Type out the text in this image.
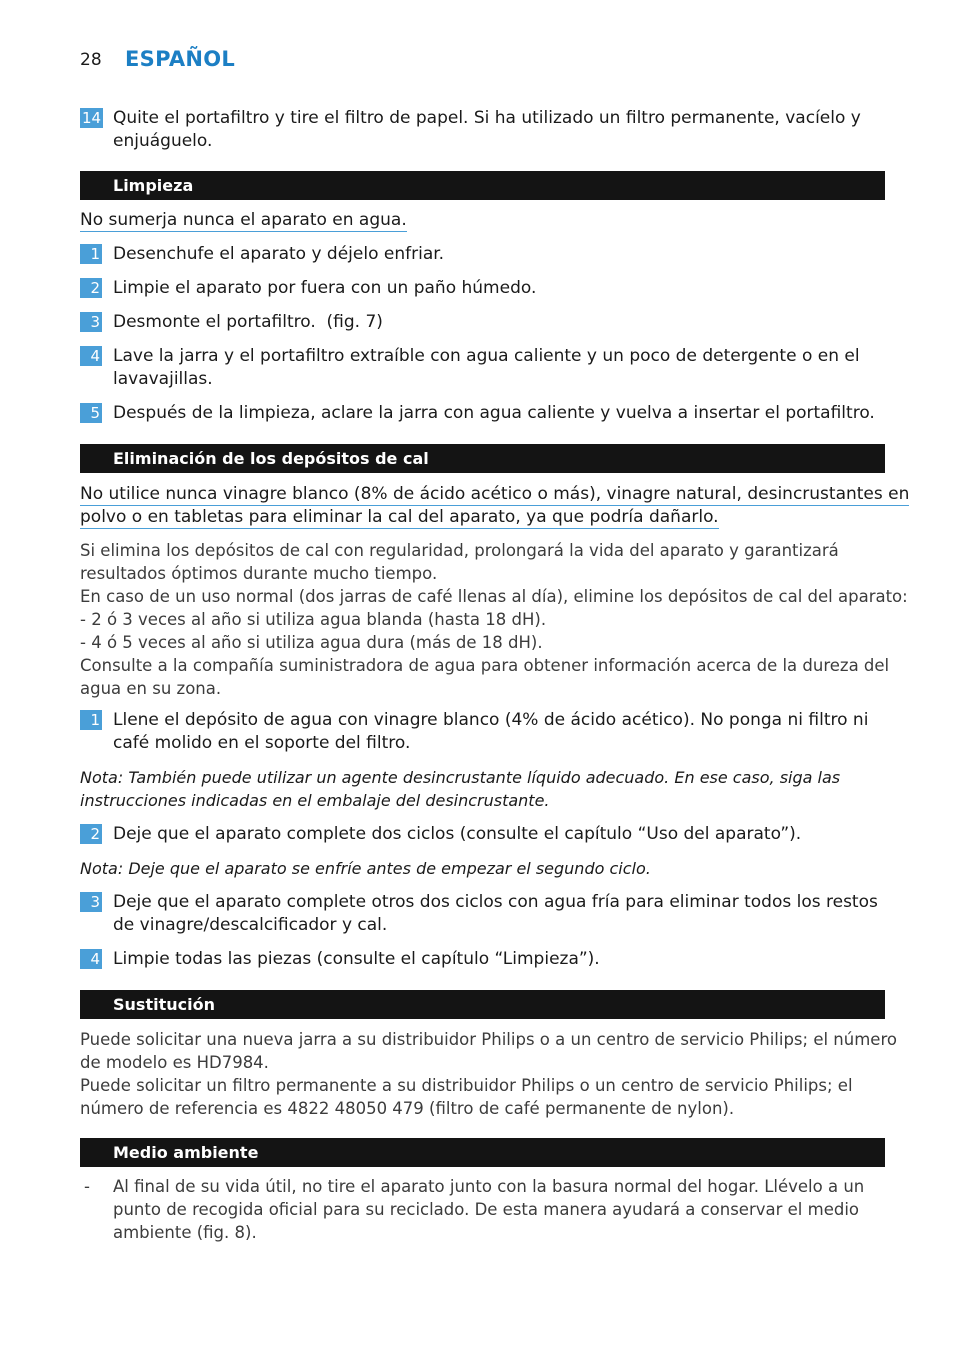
28 ESPAÑOL
14 Quite el portafiltro y tire el filtro de papel. Si ha utilizado un filtro permanente, vacíelo y enjuáguelo.
Limpieza
No sumerja nunca el aparato en agua.
1 Desenchufe el aparato y déjelo enfriar.
2 Limpie el aparato por fuera con un paño húmedo.
3 Desmonte el portafiltro.  (fig. 7)
4 Lave la jarra y el portafiltro extraíble con agua caliente y un poco de detergente o en el lavavajillas.
5 Después de la limpieza, aclare la jarra con agua caliente y vuelva a insertar el portafiltro.
Eliminación de los depósitos de cal
No utilice nunca vinagre blanco (8% de ácido acético o más), vinagre natural, desincrustantes en
polvo o en tabletas para eliminar la cal del aparato, ya que podría dañarlo.
Si elimina los depósitos de cal con regularidad, prolongará la vida del aparato y garantizará
resultados óptimos durante mucho tiempo.
En caso de un uso normal (dos jarras de café llenas al día), elimine los depósitos de cal del aparato:
- 2 ó 3 veces al año si utiliza agua blanda (hasta 18 dH).
- 4 ó 5 veces al año si utiliza agua dura (más de 18 dH).
Consulte a la compañía suministradora de agua para obtener información acerca de la dureza del
agua en su zona.
1 Llene el depósito de agua con vinagre blanco (4% de ácido acético). No ponga ni filtro ni café molido en el soporte del filtro.
Nota: También puede utilizar un agente desincrustante líquido adecuado. En ese caso, siga las instrucciones indicadas en el embalaje del desincrustante.
2 Deje que el aparato complete dos ciclos (consulte el capítulo “Uso del aparato”).
Nota: Deje que el aparato se enfríe antes de empezar el segundo ciclo.
3 Deje que el aparato complete otros dos ciclos con agua fría para eliminar todos los restos de vinagre/descalcificador y cal.
4 Limpie todas las piezas (consulte el capítulo “Limpieza”).
Sustitución
Puede solicitar una nueva jarra a su distribuidor Philips o a un centro de servicio Philips; el número
de modelo es HD7984.
Puede solicitar un filtro permanente a su distribuidor Philips o un centro de servicio Philips; el
número de referencia es 4822 48050 479 (filtro de café permanente de nylon).
Medio ambiente
- Al final de su vida útil, no tire el aparato junto con la basura normal del hogar. Llévelo a un punto de recogida oficial para su reciclado. De esta manera ayudará a conservar el medio ambiente (fig. 8).
